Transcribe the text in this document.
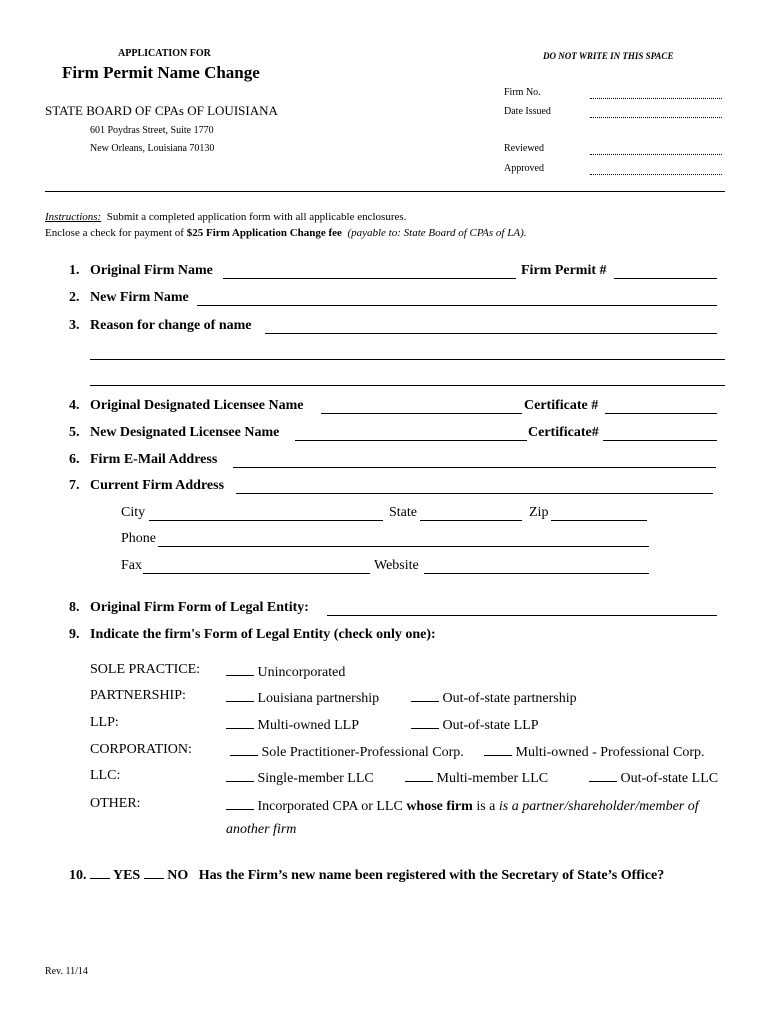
APPLICATION FOR
Firm Permit Name Change
DO NOT WRITE IN THIS SPACE
STATE BOARD OF CPAs OF LOUISIANA
601 Poydras Street, Suite 1770
New Orleans, Louisiana 70130
Firm No.
Date Issued
Reviewed
Approved
Instructions: Submit a completed application form with all applicable enclosures.
Enclose a check for payment of $25 Firm Application Change fee (payable to: State Board of CPAs of LA).
1. Original Firm Name	Firm Permit #
2. New Firm Name
3. Reason for change of name
4. Original Designated Licensee Name	Certificate #
5. New Designated Licensee Name	Certificate#
6. Firm E-Mail Address
7. Current Firm Address
City	State	Zip
Phone
Fax	Website
8. Original Firm Form of Legal Entity:
9. Indicate the firm's Form of Legal Entity (check only one):
SOLE PRACTICE:	Unincorporated
PARTNERSHIP:	Louisiana partnership	Out-of-state partnership
LLP:	Multi-owned LLP	Out-of-state LLP
CORPORATION:	Sole Practitioner-Professional Corp.	Multi-owned - Professional Corp.
LLC:	Single-member LLC	Multi-member LLC	Out-of-state LLC
OTHER:	Incorporated CPA or LLC whose firm is a is a partner/shareholder/member of
another firm
10. YES NO Has the Firm’s new name been registered with the Secretary of State’s Office?
Rev. 11/14
